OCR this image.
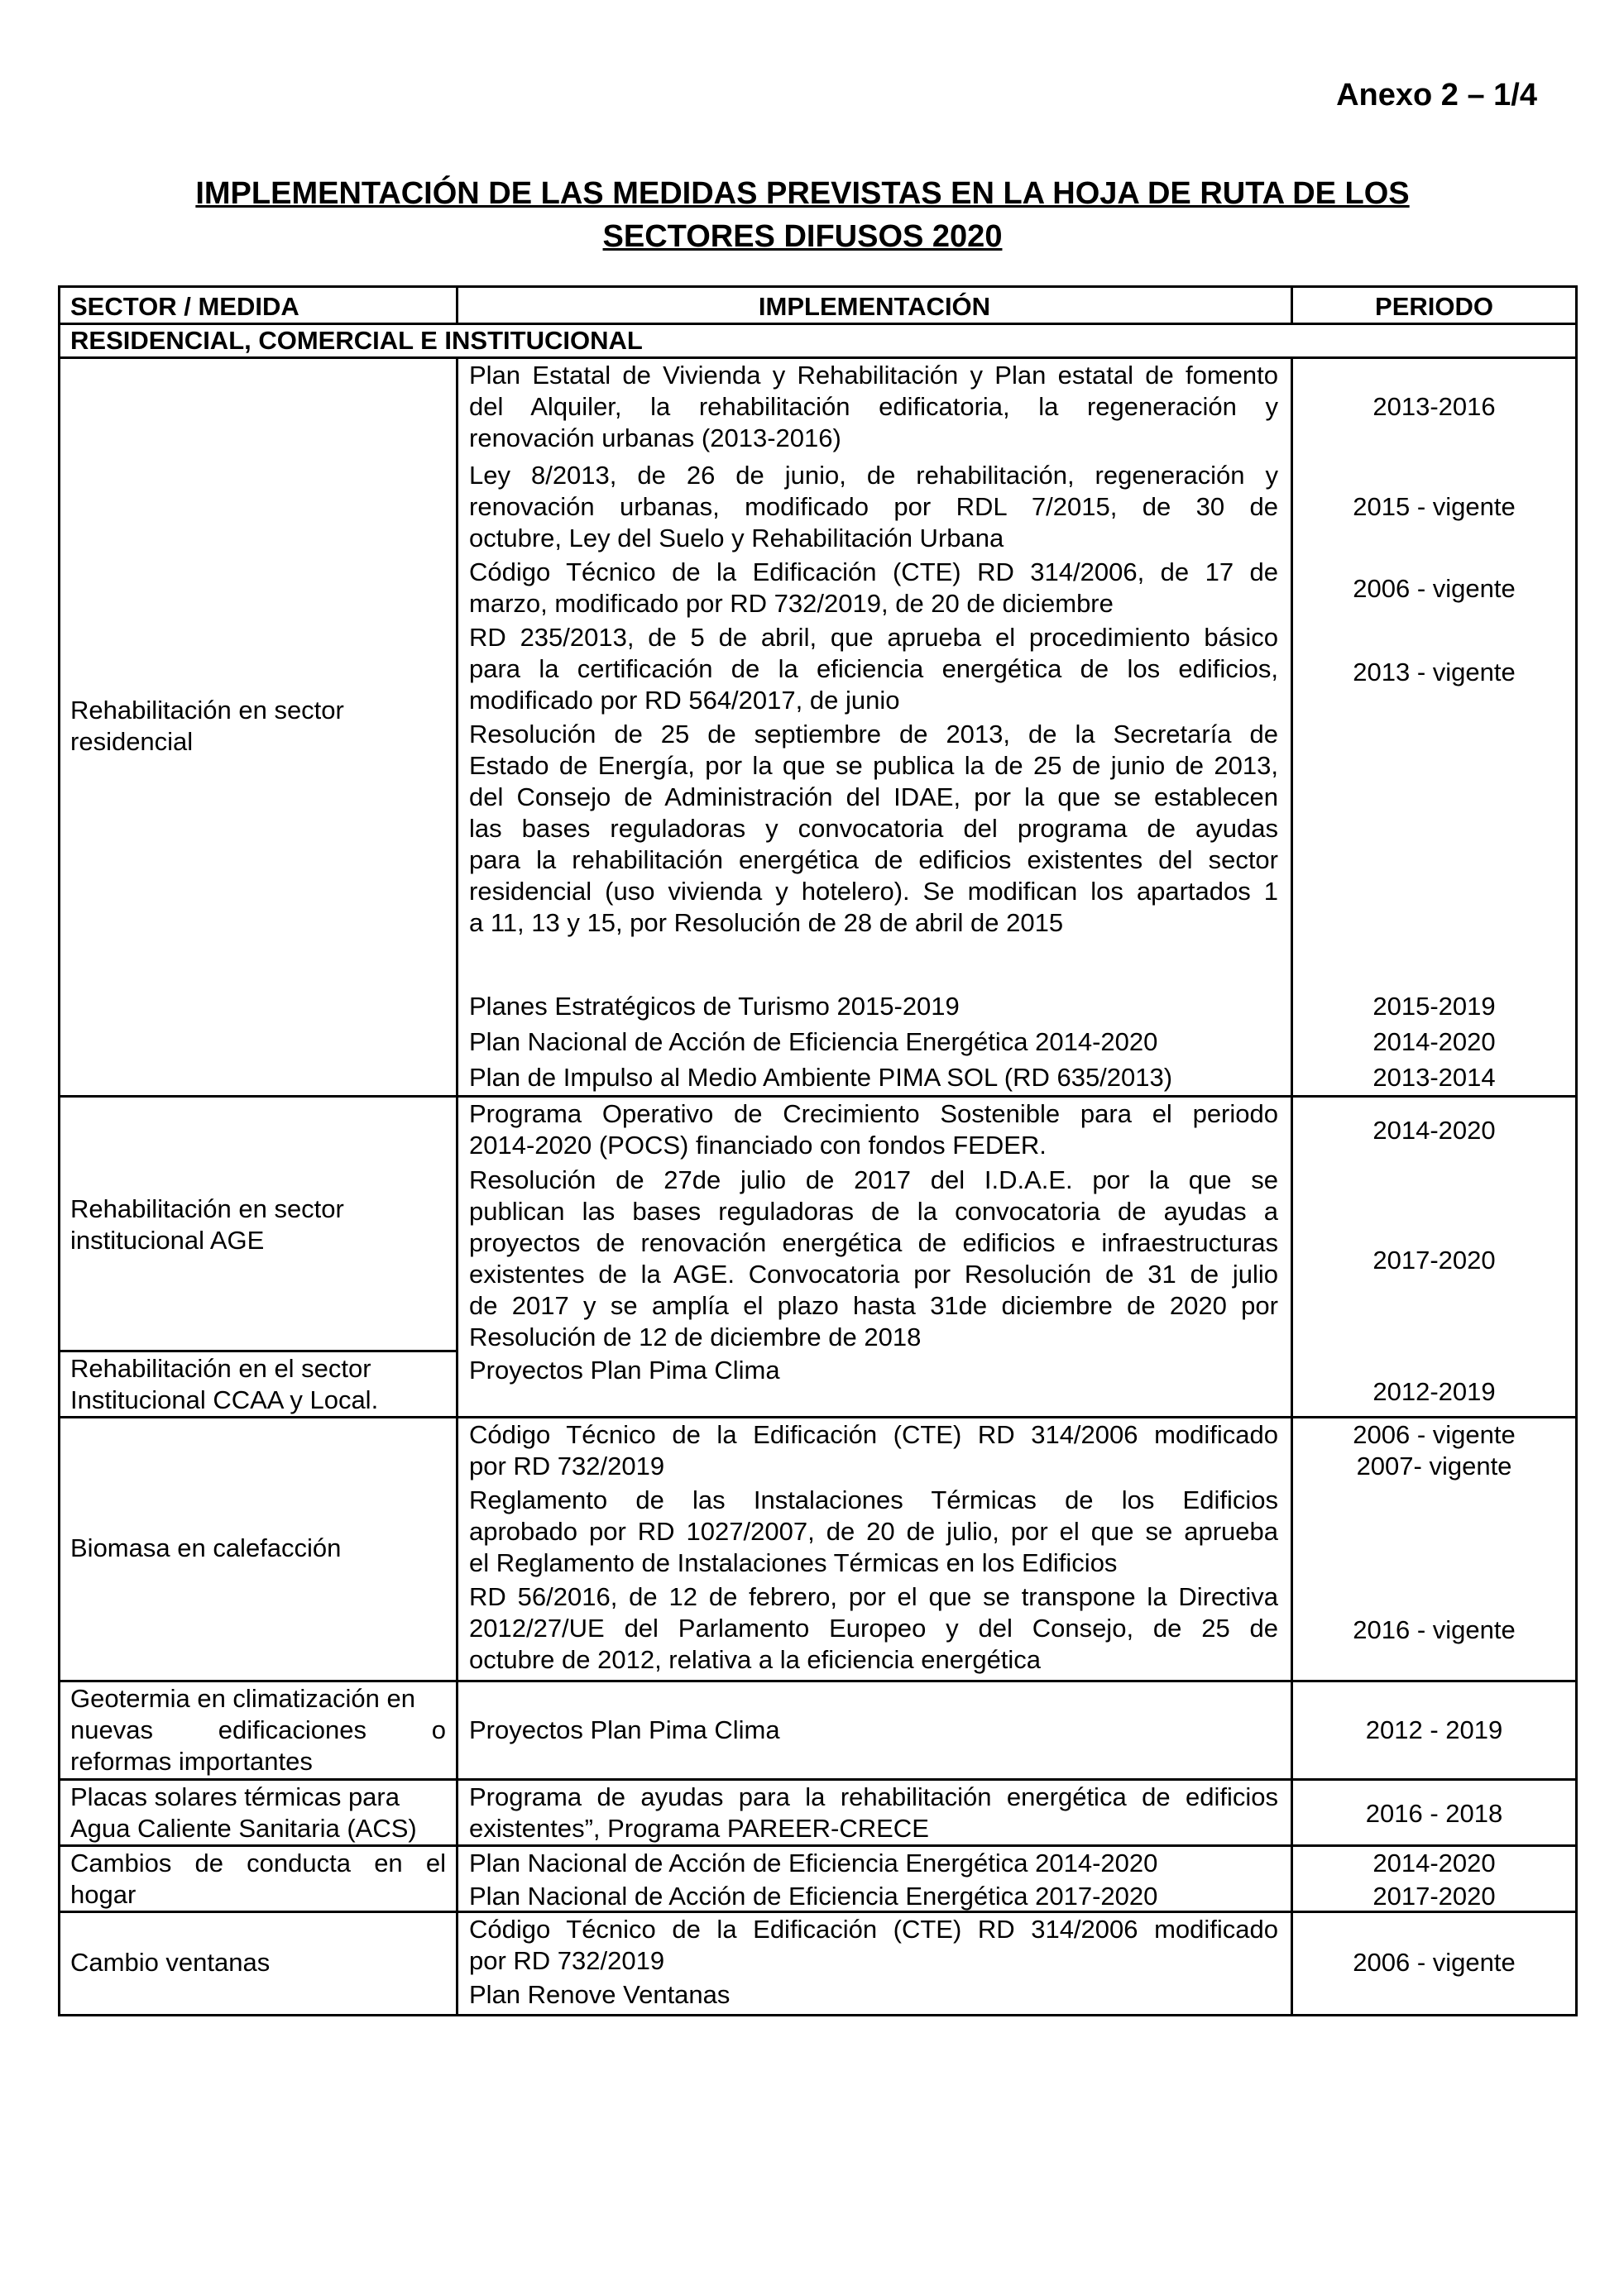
Anexo 2 – 1/4
IMPLEMENTACIÓN DE LAS MEDIDAS PREVISTAS EN LA HOJA DE RUTA DE LOS
SECTORES DIFUSOS 2020
SECTOR / MEDIDA	IMPLEMENTACIÓN	PERIODO
RESIDENCIAL, COMERCIAL E INSTITUCIONAL
Rehabilitación en sector
residencial
Rehabilitación en sector
institucional AGE
Rehabilitación en el sector
Institucional CCAA y Local.
Biomasa en calefacción
Geotermia en climatización en
nuevas edificaciones o
reformas importantes
Placas solares térmicas para
Agua Caliente Sanitaria (ACS)
Cambios de conducta en el
hogar
Cambio ventanas
Plan Estatal de Vivienda y Rehabilitación y Plan estatal de fomento
del Alquiler, la rehabilitación edificatoria, la regeneración y
renovación urbanas (2013-2016)
Ley 8/2013, de 26 de junio, de rehabilitación, regeneración y
renovación urbanas, modificado por RDL 7/2015, de 30 de
octubre, Ley del Suelo y Rehabilitación Urbana
Código Técnico de la Edificación (CTE) RD 314/2006, de 17 de
marzo, modificado por RD 732/2019, de 20 de diciembre
RD 235/2013, de 5 de abril, que aprueba el procedimiento básico
para la certificación de la eficiencia energética de los edificios,
modificado por RD 564/2017, de junio
Resolución de 25 de septiembre de 2013, de la Secretaría de
Estado de Energía, por la que se publica la de 25 de junio de 2013,
del Consejo de Administración del IDAE, por la que se establecen
las bases reguladoras y convocatoria del programa de ayudas
para la rehabilitación energética de edificios existentes del sector
residencial (uso vivienda y hotelero). Se modifican los apartados 1
a 11, 13 y 15, por Resolución de 28 de abril de 2015
Planes Estratégicos de Turismo 2015-2019
Plan Nacional de Acción de Eficiencia Energética 2014-2020
Plan de Impulso al Medio Ambiente PIMA SOL (RD 635/2013)
Programa Operativo de Crecimiento Sostenible para el periodo
2014-2020 (POCS) financiado con fondos FEDER.
Resolución de 27de julio de 2017 del I.D.A.E. por la que se
publican las bases reguladoras de la convocatoria de ayudas a
proyectos de renovación energética de edificios e infraestructuras
existentes de la AGE. Convocatoria por Resolución de 31 de julio
de 2017 y se amplía el plazo hasta 31de diciembre de 2020 por
Resolución de 12 de diciembre de 2018
Proyectos Plan Pima Clima
Código Técnico de la Edificación (CTE) RD 314/2006 modificado
por RD 732/2019
Reglamento de las Instalaciones Térmicas de los Edificios
aprobado por RD 1027/2007, de 20 de julio, por el que se aprueba
el Reglamento de Instalaciones Térmicas en los Edificios
RD 56/2016, de 12 de febrero, por el que se transpone la Directiva
2012/27/UE del Parlamento Europeo y del Consejo, de 25 de
octubre de 2012, relativa a la eficiencia energética
Proyectos Plan Pima Clima
Programa de ayudas para la rehabilitación energética de edificios
existentes”, Programa PAREER-CRECE
Plan Nacional de Acción de Eficiencia Energética 2014-2020
Plan Nacional de Acción de Eficiencia Energética 2017-2020
Código Técnico de la Edificación (CTE) RD 314/2006 modificado
por RD 732/2019
Plan Renove Ventanas
2013-2016
2015 - vigente
2006 - vigente
2013 - vigente
2015-2019
2014-2020
2013-2014
2014-2020
2017-2020
2012-2019
2006 - vigente
2007- vigente
2016 - vigente
2012 - 2019
2016 - 2018
2014-2020
2017-2020
2006 - vigente
